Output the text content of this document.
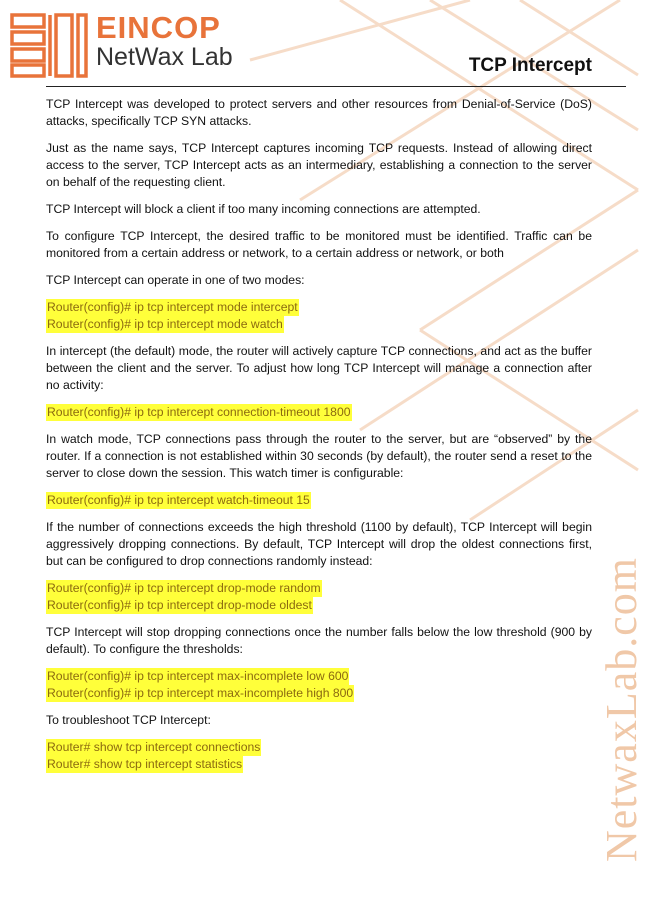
EINCOP
NetWax Lab	TCP Intercept
NetwaxLab.com

TCP Intercept was developed to protect servers and other resources from Denial-of-Service (DoS) attacks, specifically TCP SYN attacks.

Just as the name says, TCP Intercept captures incoming TCP requests. Instead of allowing direct access to the server, TCP Intercept acts as an intermediary, establishing a connection to the server on behalf of the requesting client.

TCP Intercept will block a client if too many incoming connections are attempted.

To configure TCP Intercept, the desired traffic to be monitored must be identified. Traffic can be monitored from a certain address or network, to a certain address or network, or both

TCP Intercept can operate in one of two modes:

Router(config)# ip tcp intercept mode intercept
Router(config)# ip tcp intercept mode watch

In intercept (the default) mode, the router will actively capture TCP connections, and act as the buffer between the client and the server. To adjust how long TCP Intercept will manage a connection after no activity:

Router(config)# ip tcp intercept connection-timeout 1800

In watch mode, TCP connections pass through the router to the server, but are “observed” by the router. If a connection is not established within 30 seconds (by default), the router send a reset to the server to close down the session. This watch timer is configurable:

Router(config)# ip tcp intercept watch-timeout 15

If the number of connections exceeds the high threshold (1100 by default), TCP Intercept will begin aggressively dropping connections. By default, TCP Intercept will drop the oldest connections first, but can be configured to drop connections randomly instead:

Router(config)# ip tcp intercept drop-mode random
Router(config)# ip tcp intercept drop-mode oldest

TCP Intercept will stop dropping connections once the number falls below the low threshold (900 by default). To configure the thresholds:

Router(config)# ip tcp intercept max-incomplete low 600
Router(config)# ip tcp intercept max-incomplete high 800

To troubleshoot TCP Intercept:

Router# show tcp intercept connections
Router# show tcp intercept statistics
